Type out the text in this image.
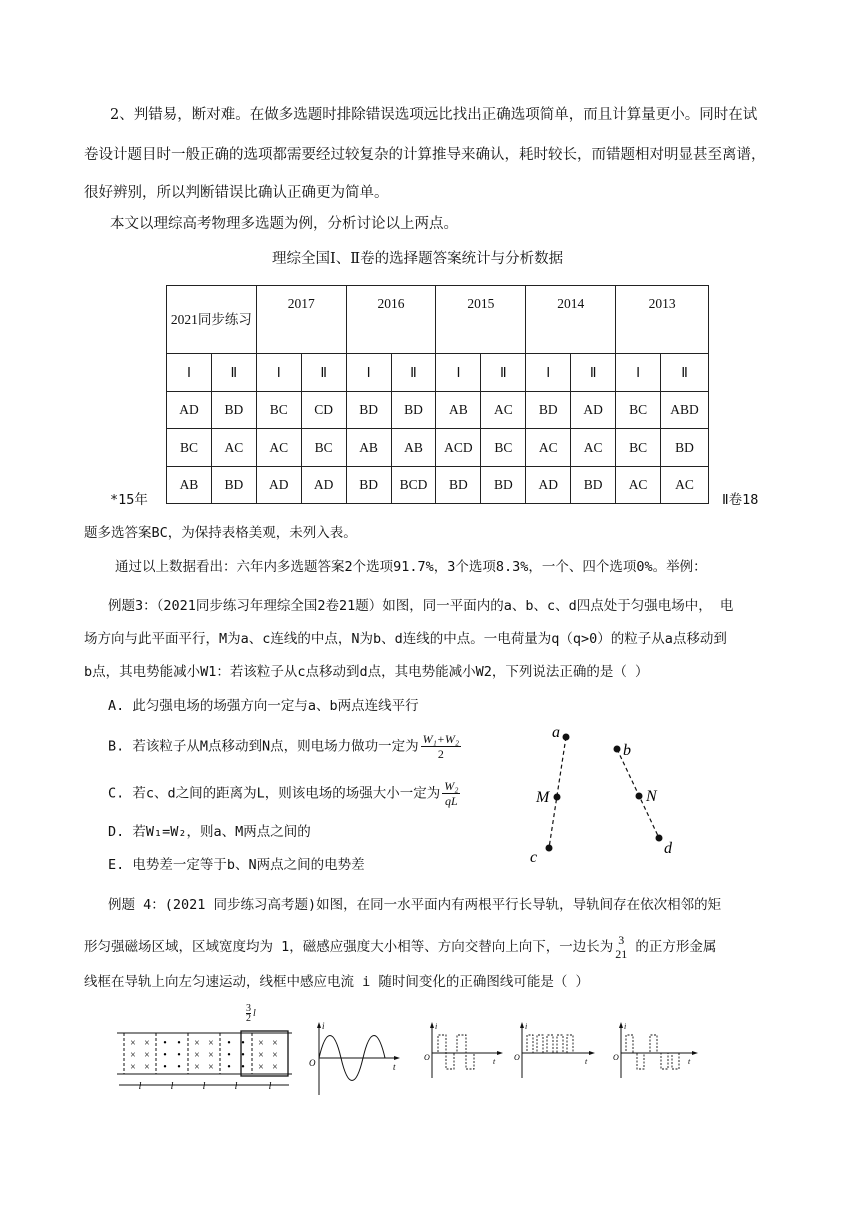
2、判错易，断对难。在做多选题时排除错误选项远比找出正确选项简单，而且计算量更小。同时在试
卷设计题目时一般正确的选项都需要经过较复杂的计算推导来确认，耗时较长，而错题相对明显甚至离谱，
很好辨别，所以判断错误比确认正确更为简单。
本文以理综高考物理多选题为例，分析讨论以上两点。
理综全国Ⅰ、Ⅱ卷的选择题答案统计与分析数据
2021同步练习		2017		2016		2015		2014		2013	
Ⅰ	Ⅱ	Ⅰ	Ⅱ	Ⅰ	Ⅱ	Ⅰ	Ⅱ	Ⅰ	Ⅱ	Ⅰ	Ⅱ
AD	BD	BC	CD	BD	BD	AB	AC	BD	AD	BC	ABD
BC	AC	AC	BC	AB	AB	ACD	BC	AC	AC	BC	BD
AB	BD	AD	AD	BD	BCD	BD	BD	AD	BD	AC	AC
*15年	Ⅱ卷18
题多选答案BC，为保持表格美观，未列入表。
通过以上数据看出：六年内多选题答案2个选项91.7%，3个选项8.3%，一个、四个选项0%。举例：
例题3：（2021同步练习年理综全国2卷21题）如图，同一平面内的a、b、c、d四点处于匀强电场中， 电
场方向与此平面平行，M为a、c连线的中点，N为b、d连线的中点。一电荷量为q（q>0）的粒子从a点移动到
b点，其电势能减小W1：若该粒子从c点移动到d点，其电势能减小W2，下列说法正确的是（ ）
A. 此匀强电场的场强方向一定与a、b两点连线平行
B. 若该粒子从M点移动到N点，则电场力做功一定为 $\frac{\text{W₁+W₂}}{2}$
C. 若c、d之间的距离为L，则该电场的场强大小一定为 $\frac{\text{W₂}}{qL}$
D. 若W₁=W₂，则a、M两点之间的
E. 电势差一定等于b、N两点之间的电势差
a
b
M	N
c
d
例题 4：(2021 同步练习高考题)如图，在同一水平面内有两根平行长导轨，导轨间存在依次相邻的矩
形匀强磁场区域，区域宽度均为 1，磁感应强度大小相等、方向交替向上向下，一边长为 3
21 的正方形金属
线框在导轨上向左匀速运动，线框中感应电流 i 随时间变化的正确图线可能是（ ）
× ×
× ×
× ×
• •
• •
• •
× ×
× ×
× ×
• •
• •
• •
× ×
× ×
× ×
l	l	l	l	l
$\frac{3}{2}$ l
i
t
O
i
t
O
i
t
O
i
t
O
